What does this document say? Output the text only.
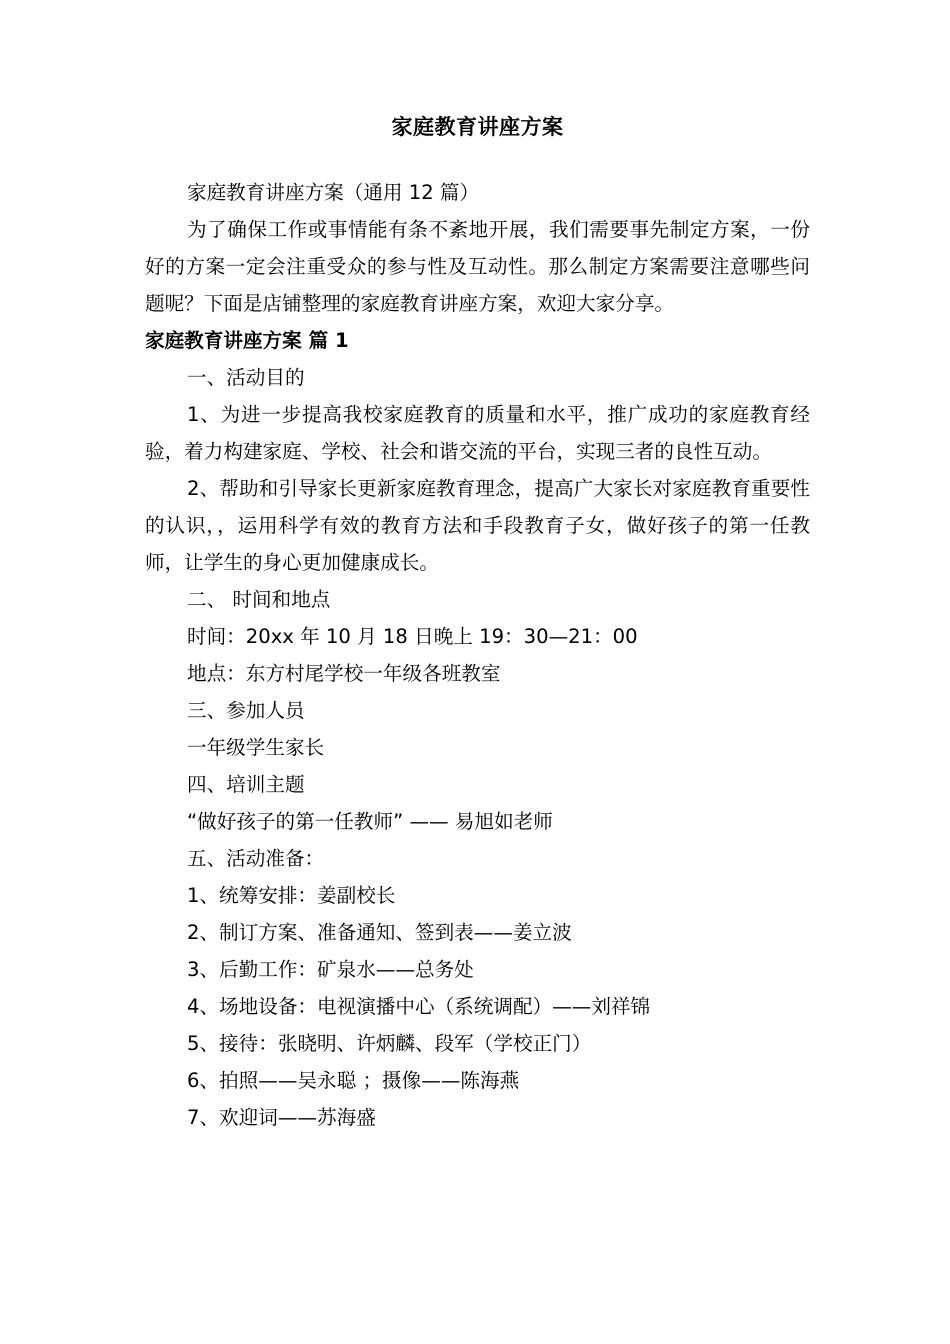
家庭教育讲座方案

家庭教育讲座方案（通用 12 篇）

为了确保工作或事情能有条不紊地开展，我们需要事先制定方案，一份好的方案一定会注重受众的参与性及互动性。那么制定方案需要注意哪些问题呢？下面是店铺整理的家庭教育讲座方案，欢迎大家分享。

家庭教育讲座方案 篇 1

一、活动目的

1、为进一步提高我校家庭教育的质量和水平，推广成功的家庭教育经验，着力构建家庭、学校、社会和谐交流的平台，实现三者的良性互动。

2、帮助和引导家长更新家庭教育理念，提高广大家长对家庭教育重要性的认识，，运用科学有效的教育方法和手段教育子女，做好孩子的第一任教师，让学生的身心更加健康成长。

二、 时间和地点

时间：20xx 年 10 月 18 日晚上 19：30—21：00

地点：东方村尾学校一年级各班教室

三、参加人员

一年级学生家长

四、培训主题

“做好孩子的第一任教师” —— 易旭如老师

五、活动准备：

1、统筹安排：姜副校长

2、制订方案、准备通知、签到表——姜立波

3、后勤工作：矿泉水——总务处

4、场地设备：电视演播中心（系统调配）——刘祥锦

5、接待：张晓明、许炳麟、段军（学校正门）

6、拍照——吴永聪 ；摄像——陈海燕

7、欢迎词——苏海盛
